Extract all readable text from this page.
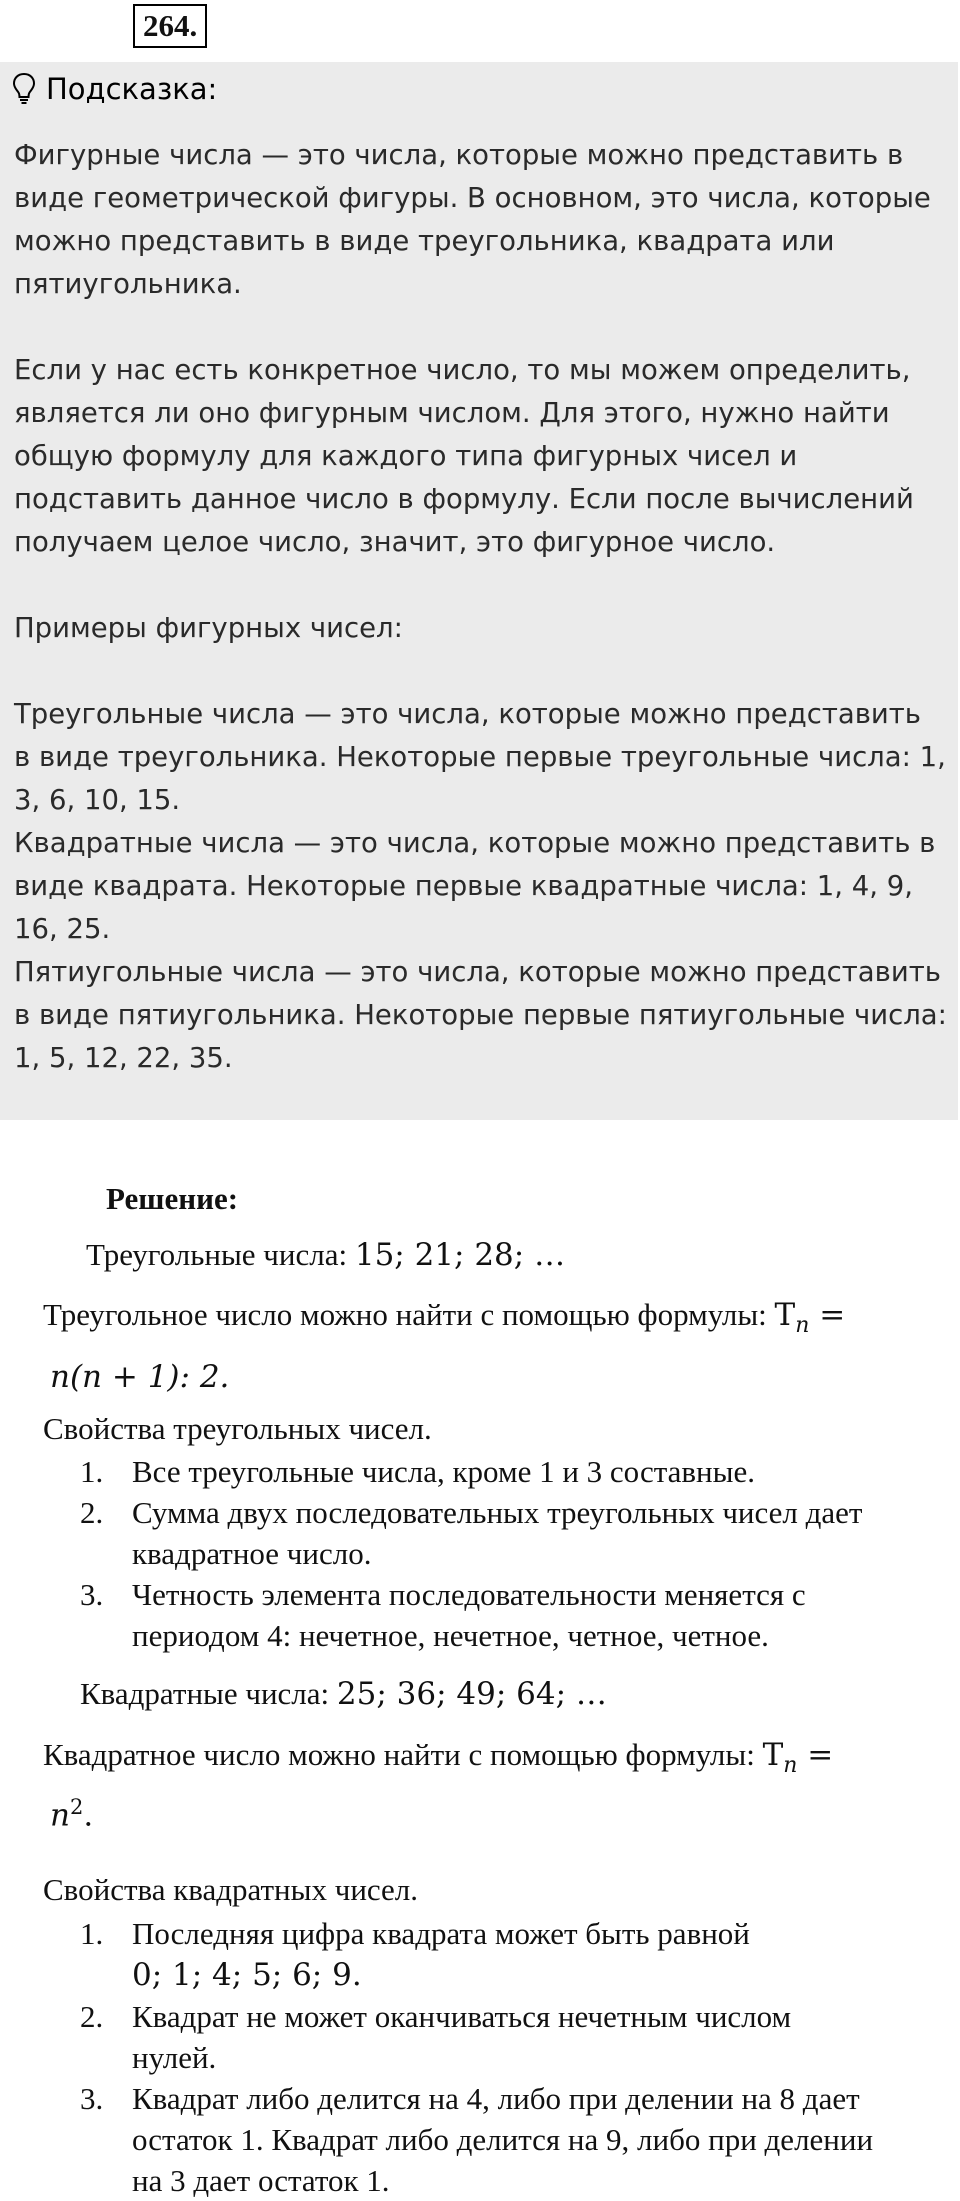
264.
Подсказка:

Фигурные числа — это числа, которые можно представить в
виде геометрической фигуры. В основном, это числа, которые
можно представить в виде треугольника, квадрата или
пятиугольника.

Если у нас есть конкретное число, то мы можем определить,
является ли оно фигурным числом. Для этого, нужно найти
общую формулу для каждого типа фигурных чисел и
подставить данное число в формулу. Если после вычислений
получаем целое число, значит, это фигурное число.

Примеры фигурных чисел:

Треугольные числа — это числа, которые можно представить
в виде треугольника. Некоторые первые треугольные числа: 1,
3, 6, 10, 15.
Квадратные числа — это числа, которые можно представить в
виде квадрата. Некоторые первые квадратные числа: 1, 4, 9,
16, 25.
Пятиугольные числа — это числа, которые можно представить
в виде пятиугольника. Некоторые первые пятиугольные числа:
1, 5, 12, 22, 35.

Решение:
Треугольные числа: 15; 21; 28; …
Треугольное число можно найти с помощью формулы: $T_n$ =
n(n + 1): 2.
Свойства треугольных чисел.
1. Все треугольные числа, кроме 1 и 3 составные.
2. Сумма двух последовательных треугольных чисел дает
квадратное число.
3. Четность элемента последовательности меняется с
периодом 4: нечетное, нечетное, четное, четное.
Квадратные числа: 25; 36; 49; 64; …
Квадратное число можно найти с помощью формулы: $T_n$ =
$n^2$.
Свойства квадратных чисел.
1. Последняя цифра квадрата может быть равной
0; 1; 4; 5; 6; 9.
2. Квадрат не может оканчиваться нечетным числом
нулей.
3. Квадрат либо делится на 4, либо при делении на 8 дает
остаток 1. Квадрат либо делится на 9, либо при делении
на 3 дает остаток 1.
